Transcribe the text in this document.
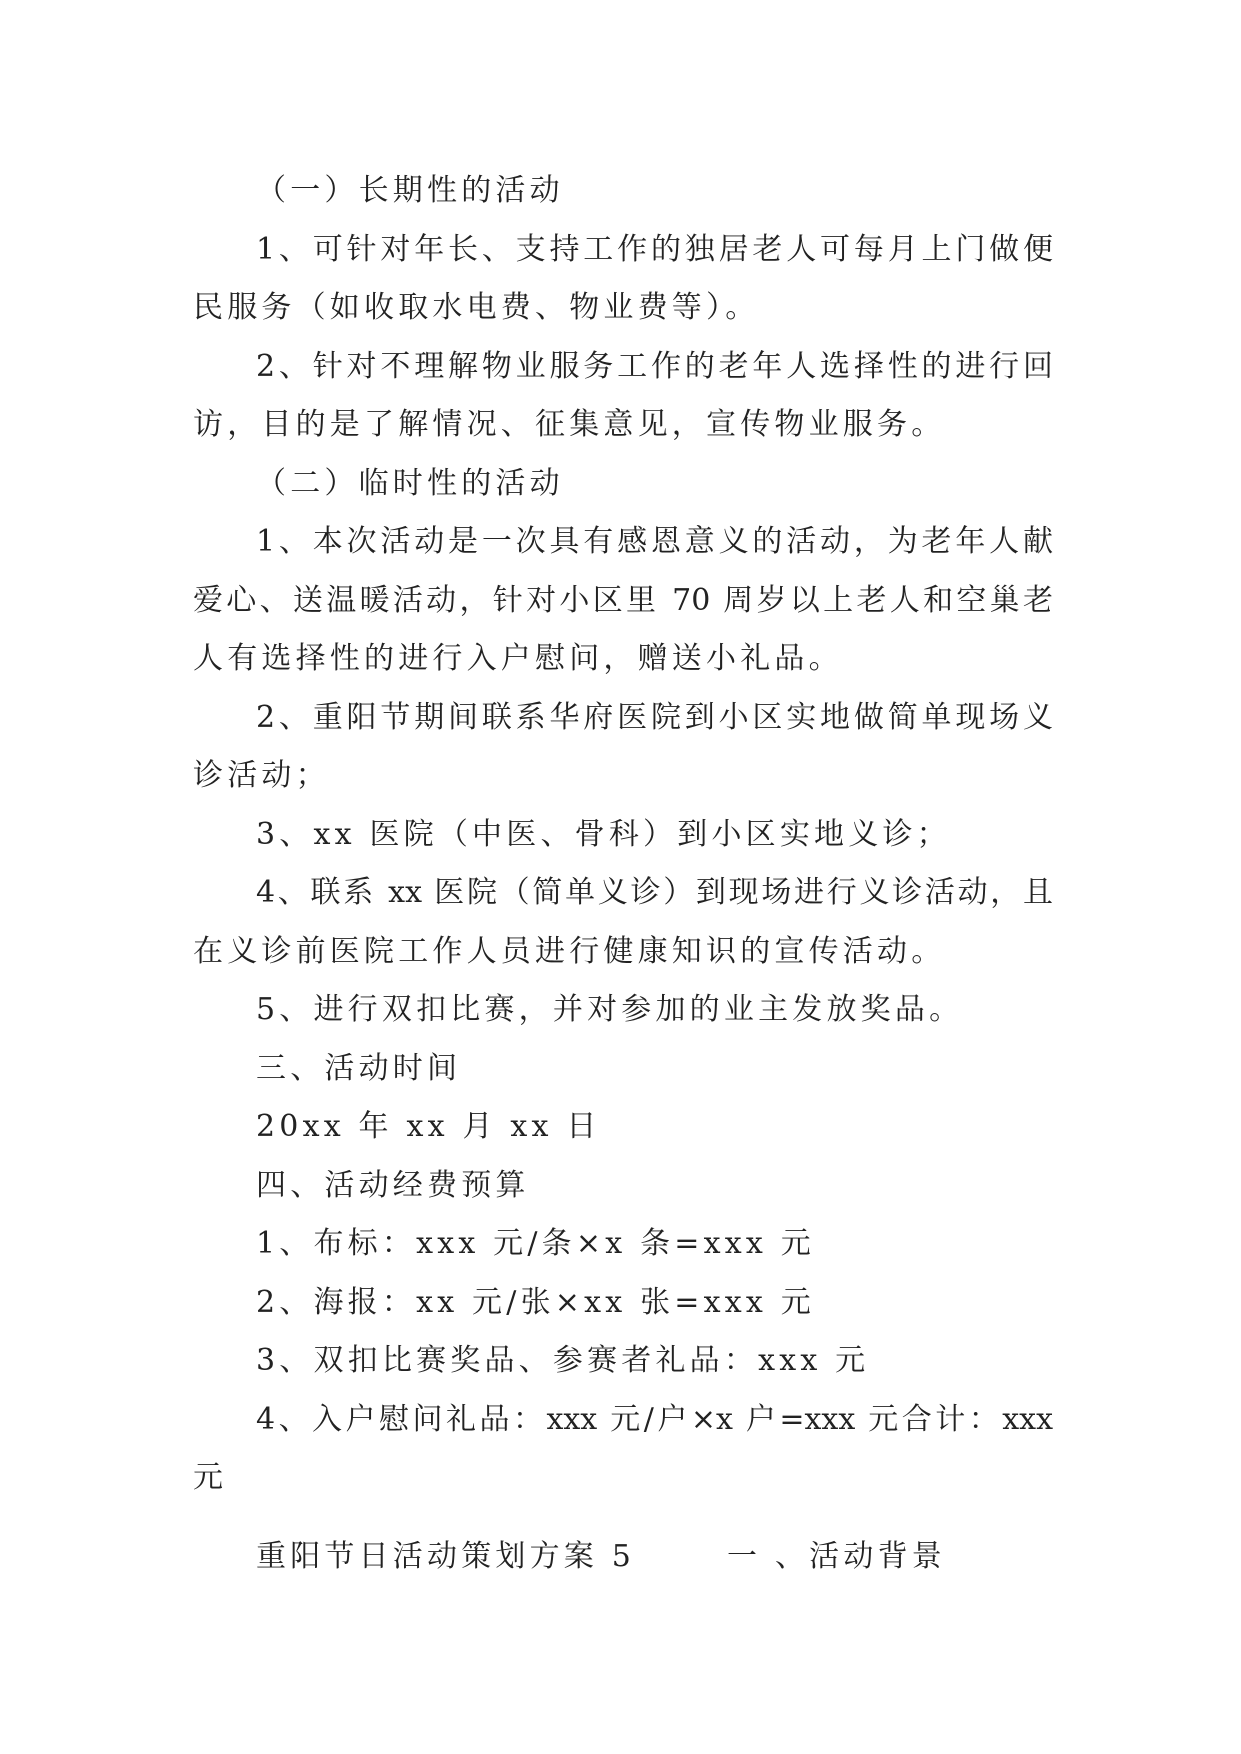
（一）长期性的活动
1、可针对年长、支持工作的独居老人可每月上门做便
民服务（如收取水电费、物业费等）。
2、针对不理解物业服务工作的老年人选择性的进行回
访，目的是了解情况、征集意见，宣传物业服务。
（二）临时性的活动
1、本次活动是一次具有感恩意义的活动，为老年人献
爱心、送温暖活动，针对小区里 70 周岁以上老人和空巢老
人有选择性的进行入户慰问，赠送小礼品。
2、重阳节期间联系华府医院到小区实地做简单现场义
诊活动；
3、xx 医院（中医、骨科）到小区实地义诊；
4、联系 xx 医院（简单义诊）到现场进行义诊活动，且
在义诊前医院工作人员进行健康知识的宣传活动。
5、进行双扣比赛，并对参加的业主发放奖品。
三、活动时间
20xx 年 xx 月 xx 日
四、活动经费预算
1、布标：xxx 元/条×x 条=xxx 元
2、海报：xx 元/张×xx 张=xxx 元
3、双扣比赛奖品、参赛者礼品：xxx 元
4、入户慰问礼品：xxx 元/户×x 户=xxx 元合计：xxx
元
重阳节日活动策划方案 5	一 、活动背景
